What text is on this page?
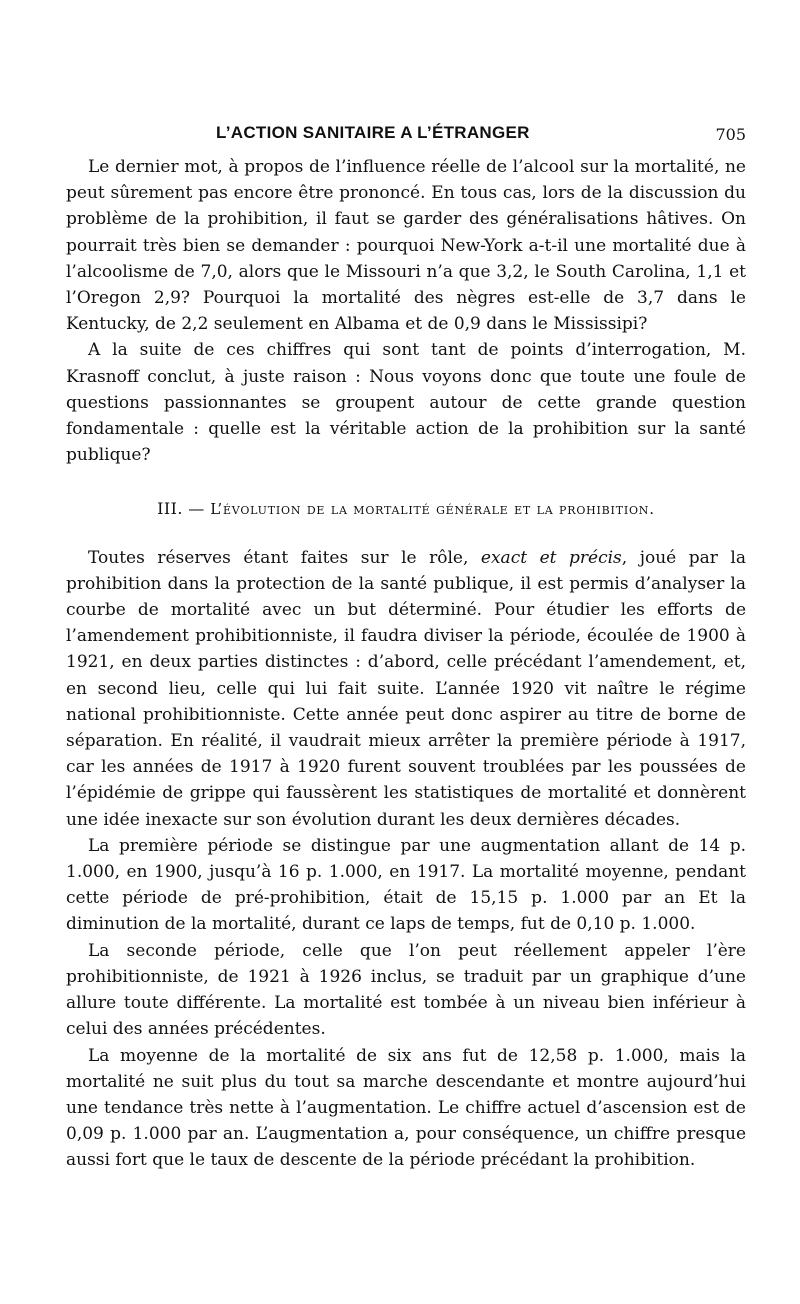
L’ACTION SANITAIRE A L’ÉTRANGER	705

Le dernier mot, à propos de l’influence réelle de l’alcool sur la mortalité, ne peut sûrement pas encore être prononcé. En tous cas, lors de la discussion du problème de la prohibition, il faut se garder des généralisations hâtives. On pourrait très bien se demander : pourquoi New-York a-t-il une mortalité due à l’alcoolisme de 7,0, alors que le Missouri n’a que 3,2, le South Carolina, 1,1 et l’Oregon 2,9? Pourquoi la mortalité des nègres est-elle de 3,7 dans le Kentucky, de 2,2 seulement en Albama et de 0,9 dans le Mississipi?

A la suite de ces chiffres qui sont tant de points d’interrogation, M. Krasnoff conclut, à juste raison : Nous voyons donc que toute une foule de questions passionnantes se groupent autour de cette grande question fondamentale : quelle est la véritable action de la prohibition sur la santé publique?

III. — L’évolution de la mortalité générale et la prohibition.

Toutes réserves étant faites sur le rôle, exact et précis, joué par la prohibition dans la protection de la santé publique, il est permis d’analyser la courbe de mortalité avec un but déterminé. Pour étudier les efforts de l’amendement prohibitionniste, il faudra diviser la période, écoulée de 1900 à 1921, en deux parties distinctes : d’abord, celle précédant l’amendement, et, en second lieu, celle qui lui fait suite. L’année 1920 vit naître le régime national prohibitionniste. Cette année peut donc aspirer au titre de borne de séparation. En réalité, il vaudrait mieux arrêter la première période à 1917, car les années de 1917 à 1920 furent souvent troublées par les poussées de l’épidémie de grippe qui faussèrent les statistiques de mortalité et donnèrent une idée inexacte sur son évolution durant les deux dernières décades.

La première période se distingue par une augmentation allant de 14 p. 1.000, en 1900, jusqu’à 16 p. 1.000, en 1917. La mortalité moyenne, pendant cette période de pré-prohibition, était de 15,15 p. 1.000 par an Et la diminution de la mortalité, durant ce laps de temps, fut de 0,10 p. 1.000.

La seconde période, celle que l’on peut réellement appeler l’ère prohibitionniste, de 1921 à 1926 inclus, se traduit par un graphique d’une allure toute différente. La mortalité est tombée à un niveau bien inférieur à celui des années précédentes.

La moyenne de la mortalité de six ans fut de 12,58 p. 1.000, mais la mortalité ne suit plus du tout sa marche descendante et montre aujourd’hui une tendance très nette à l’augmentation. Le chiffre actuel d’ascension est de 0,09 p. 1.000 par an. L’augmentation a, pour conséquence, un chiffre presque aussi fort que le taux de descente de la période précédant la prohibition.
